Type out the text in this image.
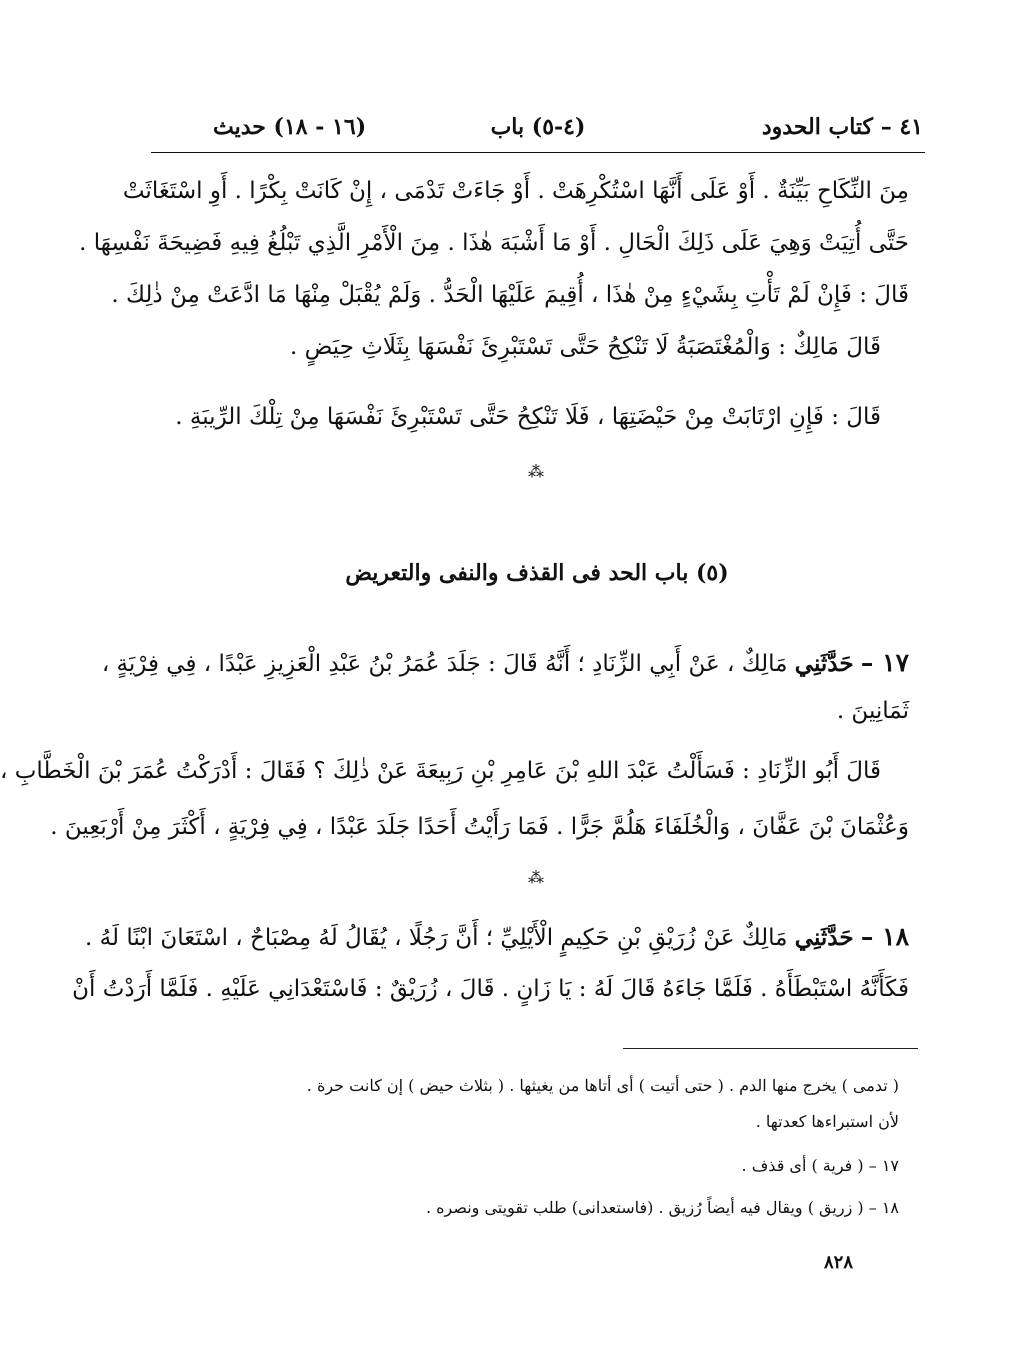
٤١ – كتاب الحدود
(٤-٥) باب
(١٦ - ١٨) حديث
مِنَ النِّكَاحِ بَيِّنَةٌ . أَوْ عَلَى أَنَّهَا اسْتُكْرِهَتْ . أَوْ جَاءَتْ تَدْمَى ، إِنْ كَانَتْ بِكْرًا . أَوِ اسْتَغَاثَتْ
حَتَّى أُتِيَتْ وَهِيَ عَلَى ذَلِكَ الْحَالِ . أَوْ مَا أَشْبَهَ هٰذَا . مِنَ الْأَمْرِ الَّذِي تَبْلُغُ فِيهِ فَضِيحَةَ نَفْسِهَا .
قَالَ : فَإِنْ لَمْ تَأْتِ بِشَيْءٍ مِنْ هٰذَا ، أُقِيمَ عَلَيْهَا الْحَدُّ . وَلَمْ يُقْبَلْ مِنْهَا مَا ادَّعَتْ مِنْ ذٰلِكَ .
قَالَ مَالِكٌ : وَالْمُغْتَصَبَةُ لَا تَنْكِحُ حَتَّى تَسْتَبْرِئَ نَفْسَهَا بِثَلَاثِ حِيَضٍ .
قَالَ : فَإِنِ ارْتَابَتْ مِنْ حَيْضَتِهَا ، فَلَا تَنْكِحُ حَتَّى تَسْتَبْرِئَ نَفْسَهَا مِنْ تِلْكَ الرِّيبَةِ .
⁂
(٥) باب الحد فى القذف والنفى والتعريض
١٧ – حَدَّثَنِي مَالِكٌ ، عَنْ أَبِي الزِّنَادِ ؛ أَنَّهُ قَالَ : جَلَدَ عُمَرُ بْنُ عَبْدِ الْعَزِيزِ عَبْدًا ، فِي فِرْيَةٍ ،
ثَمَانِينَ .
قَالَ أَبُو الزِّنَادِ : فَسَأَلْتُ عَبْدَ اللهِ بْنَ عَامِرِ بْنِ رَبِيعَةَ عَنْ ذٰلِكَ ؟ فَقَالَ : أَدْرَكْتُ عُمَرَ بْنَ الْخَطَّابِ ،
وَعُثْمَانَ بْنَ عَفَّانَ ، وَالْخُلَفَاءَ هَلُمَّ جَرًّا . فَمَا رَأَيْتُ أَحَدًا جَلَدَ عَبْدًا ، فِي فِرْيَةٍ ، أَكْثَرَ مِنْ أَرْبَعِينَ .
⁂
١٨ – حَدَّثَنِي مَالِكٌ عَنْ زُرَيْقِ بْنِ حَكِيمٍ الْأَيْلِيِّ ؛ أَنَّ رَجُلًا ، يُقَالُ لَهُ مِصْبَاحٌ ، اسْتَعَانَ ابْنًا لَهُ .
فَكَأَنَّهُ اسْتَبْطَأَهُ . فَلَمَّا جَاءَهُ قَالَ لَهُ : يَا زَانٍ . قَالَ ، زُرَيْقٌ : فَاسْتَعْدَانِي عَلَيْهِ . فَلَمَّا أَرَدْتُ أَنْ
( تدمى ) يخرج منها الدم . ( حتى أتيت ) أى أتاها من يغيثها . ( بثلاث حيض ) إن كانت حرة .
لأن استبراءها كعدتها .
١٧ – ( فرية ) أى قذف .
١٨ – ( زريق ) ويقال فيه أيضاً رُزيق . (فاستعدانى) طلب تقويتى ونصره .
٨٢٨
